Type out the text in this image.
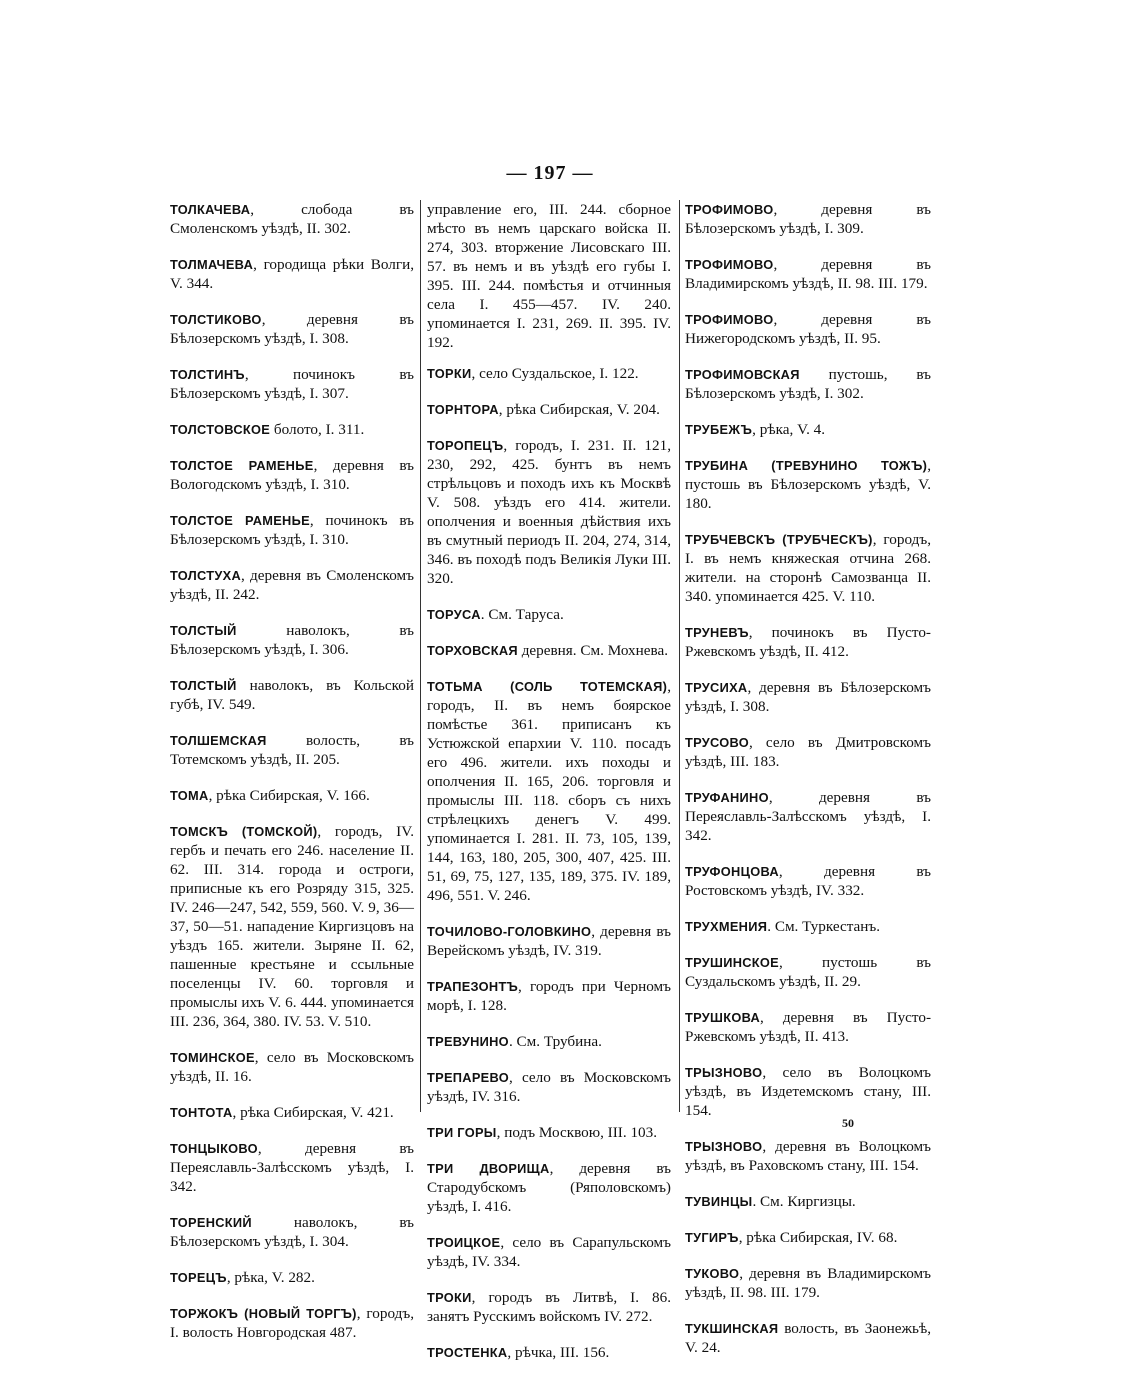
— 197 —

ТОЛКАЧЕВА, слобода въ Смоленскомъ уѣздѣ, II. 302.

ТОЛМАЧЕВА, городища рѣки Волги, V. 344.

ТОЛСТИКОВО, деревня въ Бѣлозерскомъ уѣздѣ, I. 308.

ТОЛСТИНЪ, починокъ въ Бѣлозерскомъ уѣздѣ, I. 307.

ТОЛСТОВСКОЕ болото, I. 311.

ТОЛСТОЕ РАМЕНЬЕ, деревня въ Вологодскомъ уѣздѣ, I. 310.

ТОЛСТОЕ РАМЕНЬЕ, починокъ въ Бѣлозерскомъ уѣздѣ, I. 310.

ТОЛСТУХА, деревня въ Смоленскомъ уѣздѣ, II. 242.

ТОЛСТЫЙ наволокъ, въ Бѣлозерскомъ уѣздѣ, I. 306.

ТОЛСТЫЙ наволокъ, въ Кольской губѣ, IV. 549.

ТОЛШЕМСКАЯ волость, въ Тотемскомъ уѣздѣ, II. 205.

ТОМА, рѣка Сибирская, V. 166.

ТОМСКЪ (ТОМСКОЙ), городъ, IV. гербъ и печать его 246. население II. 62. III. 314. города и остроги, приписные къ его Розряду 315, 325. IV. 246—247, 542, 559, 560. V. 9, 36—37, 50—51. нападение Киргизцовъ на уѣздъ 165. жители. Зыряне II. 62, пашенные крестьяне и ссыльные поселенцы IV. 60. торговля и промыслы ихъ V. 6. 444. упоминается III. 236, 364, 380. IV. 53. V. 510.

ТОМИНСКОЕ, село въ Московскомъ уѣздѣ, II. 16.

ТОНТОТА, рѣка Сибирская, V. 421.

ТОНЦЫКОВО, деревня въ Переяславль-Залѣсскомъ уѣздѣ, I. 342.

ТОРЕНСКИЙ наволокъ, въ Бѣлозерскомъ уѣздѣ, I. 304.

ТОРЕЦЪ, рѣка, V. 282.

ТОРЖОКЪ (НОВЫЙ ТОРГЪ), городъ, I. волость Новгородская 487.

управление его, III. 244. сборное мѣсто въ немъ царскаго войска II. 274, 303. вторжение Лисовскаго III. 57. въ немъ и въ уѣздѣ его губы I. 395. III. 244. помѣстья и отчинныя села I. 455—457. IV. 240. упоминается I. 231, 269. II. 395. IV. 192.

ТОРКИ, село Суздальское, I. 122.

ТОРНТОРА, рѣка Сибирская, V. 204.

ТОРОПЕЦЪ, городъ, I. 231. II. 121, 230, 292, 425. бунтъ въ немъ стрѣльцовъ и походъ ихъ къ Москвѣ V. 508. уѣздъ его 414. жители. ополчения и военныя дѣйствия ихъ въ смутный периодъ II. 204, 274, 314, 346. въ походѣ подъ Великія Луки III. 320.

ТОРУСА. См. Таруса.

ТОРХОВСКАЯ деревня. См. Мохнева.

ТОТЬМА (СОЛЬ ТОТЕМСКАЯ), городъ, II. въ немъ боярское помѣстье 361. приписанъ къ Устюжской епархии V. 110. посадъ его 496. жители. ихъ походы и ополчения II. 165, 206. торговля и промыслы III. 118. сборъ съ нихъ стрѣлецкихъ денегъ V. 499. упоминается I. 281. II. 73, 105, 139, 144, 163, 180, 205, 300, 407, 425. III. 51, 69, 75, 127, 135, 189, 375. IV. 189, 496, 551. V. 246.

ТОЧИЛОВО-ГОЛОВКИНО, деревня въ Верейскомъ уѣздѣ, IV. 319.

ТРАПЕЗОНТЪ, городъ при Черномъ морѣ, I. 128.

ТРЕВУНИНО. См. Трубина.

ТРЕПАРЕВО, село въ Московскомъ уѣздѣ, IV. 316.

ТРИ ГОРЫ, подъ Москвою, III. 103.

ТРИ ДВОРИЩА, деревня въ Стародубскомъ (Ряполовскомъ) уѣздѣ, I. 416.

ТРОИЦКОЕ, село въ Сарапульскомъ уѣздѣ, IV. 334.

ТРОКИ, городъ въ Литвѣ, I. 86. занятъ Русскимъ войскомъ IV. 272.

ТРОСТЕНКА, рѣчка, III. 156.

ТРОФИМОВО, деревня въ Бѣлозерскомъ уѣздѣ, I. 309.

ТРОФИМОВО, деревня въ Владимирскомъ уѣздѣ, II. 98. III. 179.

ТРОФИМОВО, деревня въ Нижегородскомъ уѣздѣ, II. 95.

ТРОФИМОВСКАЯ пустошь, въ Бѣлозерскомъ уѣздѣ, I. 302.

ТРУБЕЖЪ, рѣка, V. 4.

ТРУБИНА (ТРЕВУНИНО ТОЖЪ), пустошь въ Бѣлозерскомъ уѣздѣ, V. 180.

ТРУБЧЕВСКЪ (ТРУБЧЕСКЪ), городъ, I. въ немъ княжеская отчина 268. жители. на сторонѣ Самозванца II. 340. упоминается 425. V. 110.

ТРУНЕВЪ, починокъ въ Пусто-Ржевскомъ уѣздѣ, II. 412.

ТРУСИХА, деревня въ Бѣлозерскомъ уѣздѣ, I. 308.

ТРУСОВО, село въ Дмитровскомъ уѣздѣ, III. 183.

ТРУФАНИНО, деревня въ Переяславль-Залѣсскомъ уѣздѣ, I. 342.

ТРУФОНЦОВА, деревня въ Ростовскомъ уѣздѣ, IV. 332.

ТРУХМЕНИЯ. См. Туркестанъ.

ТРУШИНСКОЕ, пустошь въ Суздальскомъ уѣздѣ, II. 29.

ТРУШКОВА, деревня въ Пусто-Ржевскомъ уѣздѣ, II. 413.

ТРЫЗНОВО, село въ Волоцкомъ уѣздѣ, въ Издетемскомъ стану, III. 154.

ТРЫЗНОВО, деревня въ Волоцкомъ уѣздѣ, въ Раховскомъ стану, III. 154.

ТУВИНЦЫ. См. Киргизцы.

ТУГИРЪ, рѣка Сибирская, IV. 68.

ТУКОВО, деревня въ Владимирскомъ уѣздѣ, II. 98. III. 179.

ТУКШИНСКАЯ волость, въ Заонежьѣ, V. 24.

50
